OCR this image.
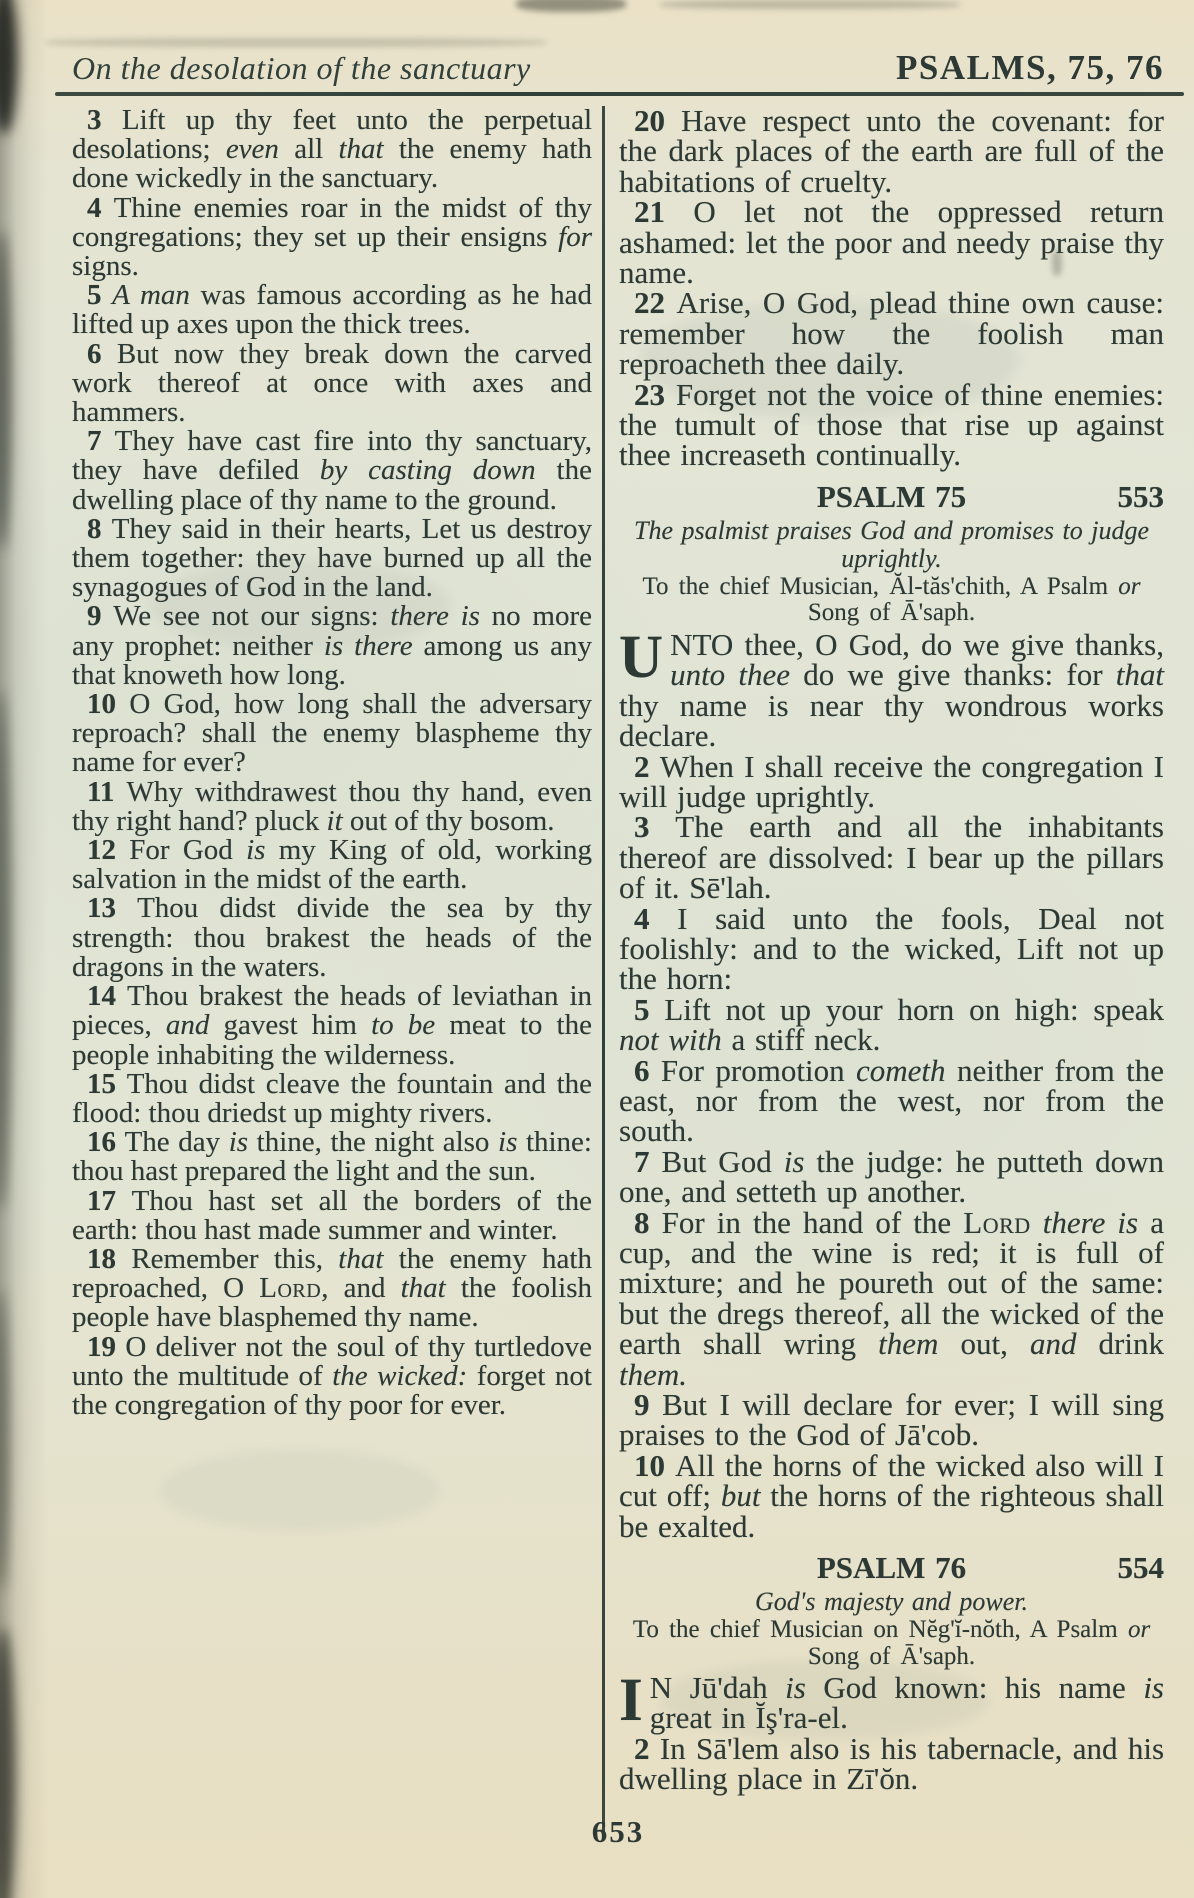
On the desolation of the sanctuary	PSALMS, 75, 76

3 Lift up thy feet unto the perpetual desolations; even all that the enemy hath done wickedly in the sanctuary.

4 Thine enemies roar in the midst of thy congregations; they set up their ensigns for signs.

5 A man was famous according as he had lifted up axes upon the thick trees.

6 But now they break down the carved work thereof at once with axes and hammers.

7 They have cast fire into thy sanctuary, they have defiled by casting down the dwelling place of thy name to the ground.

8 They said in their hearts, Let us destroy them together: they have burned up all the synagogues of God in the land.

9 We see not our signs: there is no more any prophet: neither is there among us any that knoweth how long.

10 O God, how long shall the adversary reproach? shall the enemy blaspheme thy name for ever?

11 Why withdrawest thou thy hand, even thy right hand? pluck it out of thy bosom.

12 For God is my King of old, working salvation in the midst of the earth.

13 Thou didst divide the sea by thy strength: thou brakest the heads of the dragons in the waters.

14 Thou brakest the heads of leviathan in pieces, and gavest him to be meat to the people inhabiting the wilderness.

15 Thou didst cleave the fountain and the flood: thou driedst up mighty rivers.

16 The day is thine, the night also is thine: thou hast prepared the light and the sun.

17 Thou hast set all the borders of the earth: thou hast made summer and winter.

18 Remember this, that the enemy hath reproached, O Lord, and that the foolish people have blasphemed thy name.

19 O deliver not the soul of thy turtledove unto the multitude of the wicked: forget not the congregation of thy poor for ever.

20 Have respect unto the covenant: for the dark places of the earth are full of the habitations of cruelty.

21 O let not the oppressed return ashamed: let the poor and needy praise thy name.

22 Arise, O God, plead thine own cause: remember how the foolish man reproacheth thee daily.

23 Forget not the voice of thine enemies: the tumult of those that rise up against thee increaseth continually.

PSALM 75	553

The psalmist praises God and promises to judge uprightly.

To the chief Musician, Ăl-tăs'chith, A Psalm or Song of Ā'saph.

UNTO thee, O God, do we give thanks, unto thee do we give thanks: for that thy name is near thy wondrous works declare.

2 When I shall receive the congregation I will judge uprightly.

3 The earth and all the inhabitants thereof are dissolved: I bear up the pillars of it. Sē'lah.

4 I said unto the fools, Deal not foolishly: and to the wicked, Lift not up the horn:

5 Lift not up your horn on high: speak not with a stiff neck.

6 For promotion cometh neither from the east, nor from the west, nor from the south.

7 But God is the judge: he putteth down one, and setteth up another.

8 For in the hand of the Lord there is a cup, and the wine is red; it is full of mixture; and he poureth out of the same: but the dregs thereof, all the wicked of the earth shall wring them out, and drink them.

9 But I will declare for ever; I will sing praises to the God of Jā'cob.

10 All the horns of the wicked also will I cut off; but the horns of the righteous shall be exalted.

PSALM 76	554

God's majesty and power.

To the chief Musician on Nĕg'ĭ-nŏth, A Psalm or Song of Ā'saph.

I N Jū'dah is God known: his name is great in Ĭş'ra-el.

2 In Sā'lem also is his tabernacle, and his dwelling place in Zī'ŏn.

653
